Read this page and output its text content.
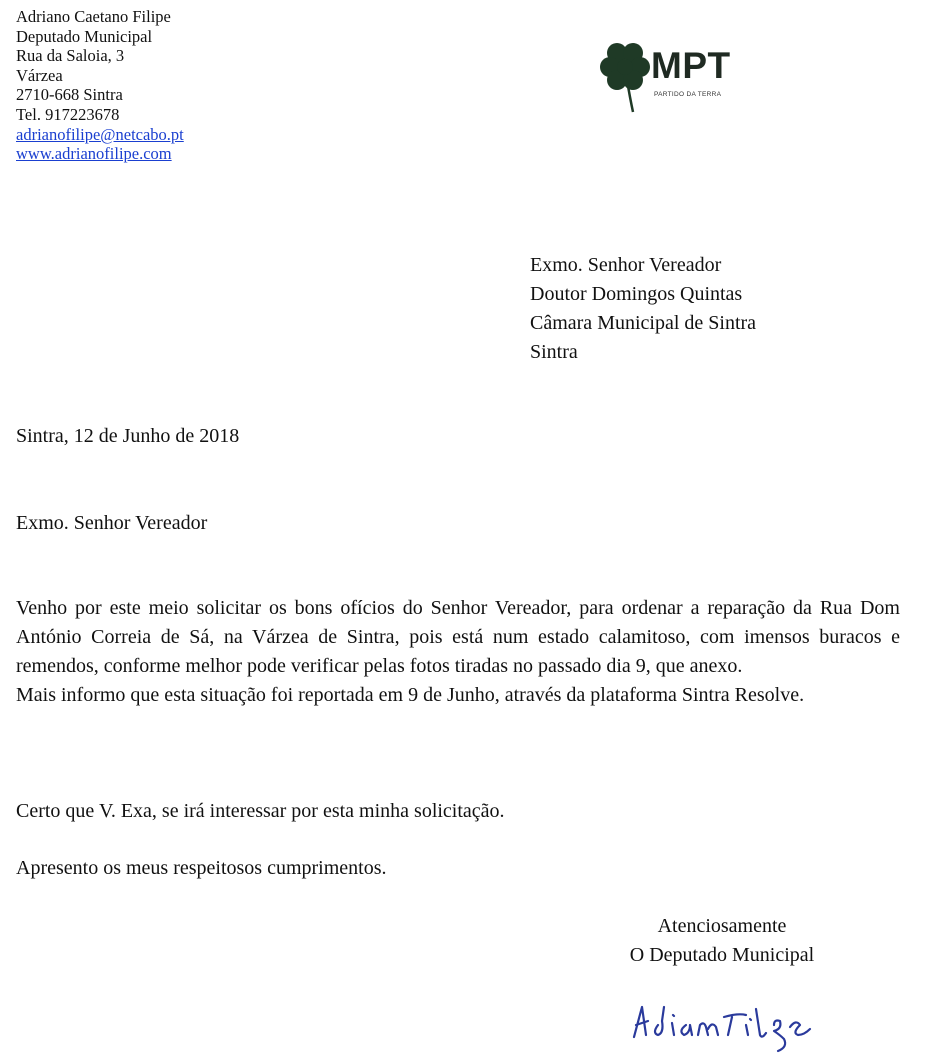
Adriano Caetano Filipe
Deputado Municipal
Rua da Saloia, 3
Várzea
2710-668 Sintra
Tel. 917223678
adrianofilipe@netcabo.pt
www.adrianofilipe.com
MPT
PARTIDO DA TERRA
Exmo. Senhor Vereador
Doutor Domingos Quintas
Câmara Municipal de Sintra
Sintra
Sintra, 12 de Junho de 2018
Exmo. Senhor Vereador

Venho por este meio solicitar os bons ofícios do Senhor Vereador, para ordenar a reparação da Rua Dom António Correia de Sá, na Várzea de Sintra, pois está num estado calamitoso, com imensos buracos e remendos, conforme melhor pode verificar pelas fotos tiradas no passado dia 9, que anexo.

Mais informo que esta situação foi reportada em 9 de Junho, através da plataforma Sintra Resolve.

Certo que V. Exa, se irá interessar por esta minha solicitação.
Apresento os meus respeitosos cumprimentos.
Atenciosamente
O Deputado Municipal
